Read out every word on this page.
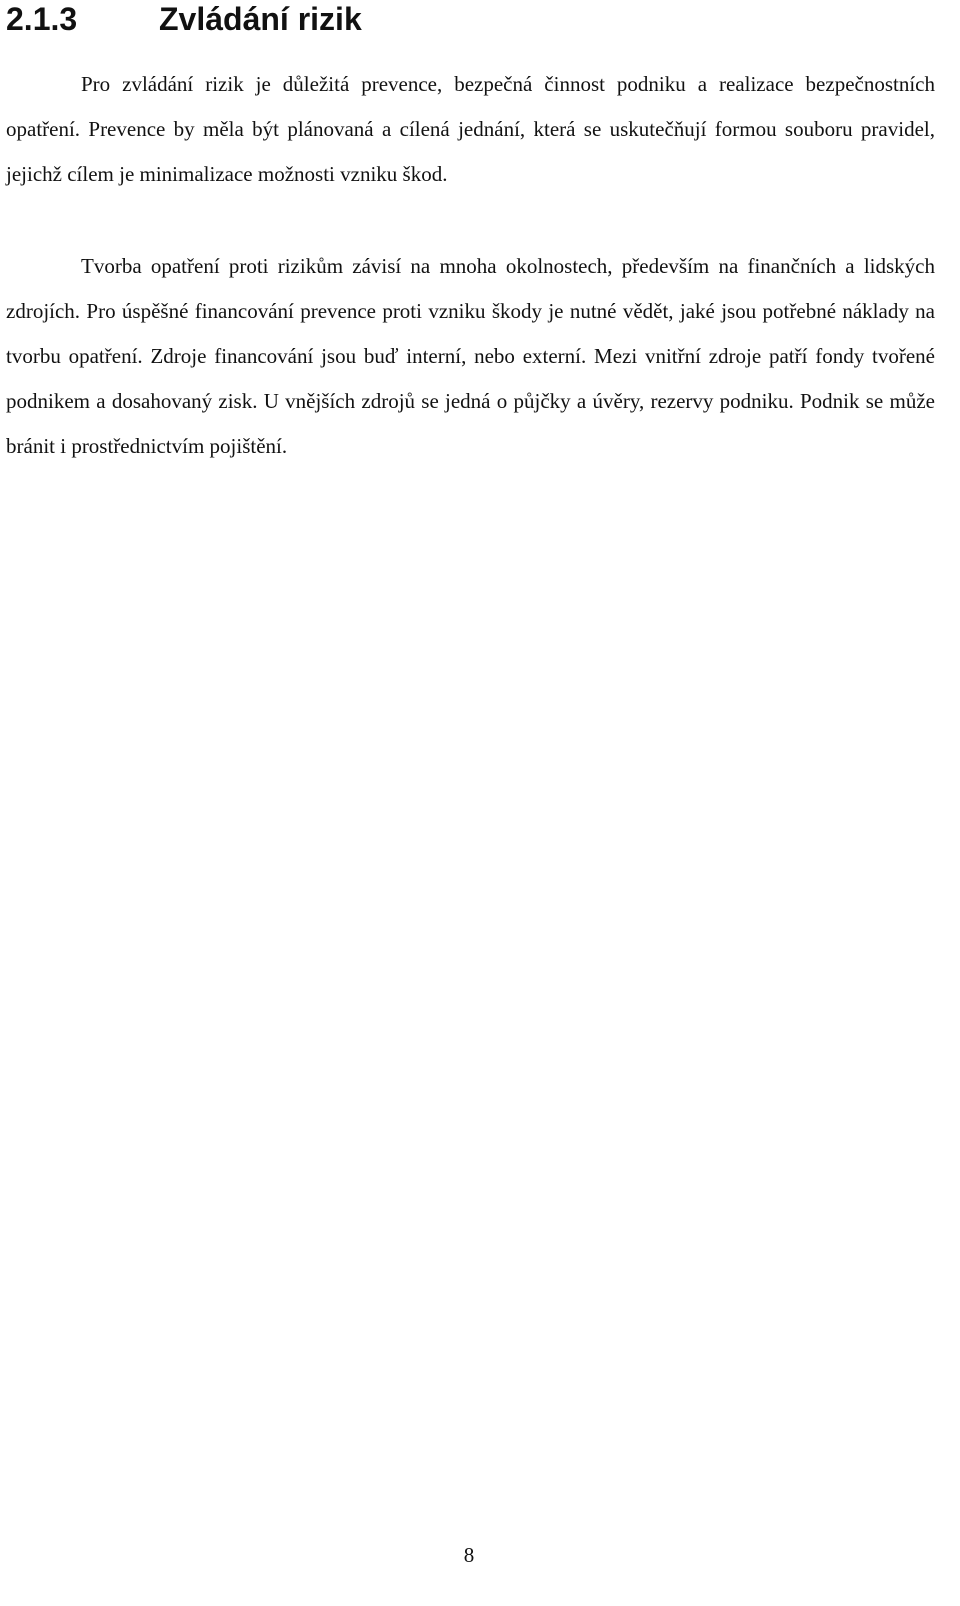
2.1.3	Zvládání rizik

Pro zvládání rizik je důležitá prevence, bezpečná činnost podniku a realizace bezpečnostních opatření. Prevence by měla být plánovaná a cílená jednání, která se uskutečňují formou souboru pravidel, jejichž cílem je minimalizace možnosti vzniku škod.

Tvorba opatření proti rizikům závisí na mnoha okolnostech, především na finančních a lidských zdrojích. Pro úspěšné financování prevence proti vzniku škody je nutné vědět, jaké jsou potřebné náklady na tvorbu opatření. Zdroje financování jsou buď interní, nebo externí. Mezi vnitřní zdroje patří fondy tvořené podnikem a dosahovaný zisk. U vnějších zdrojů se jedná o půjčky a úvěry, rezervy podniku. Podnik se může bránit i prostřednictvím pojištění.

8
